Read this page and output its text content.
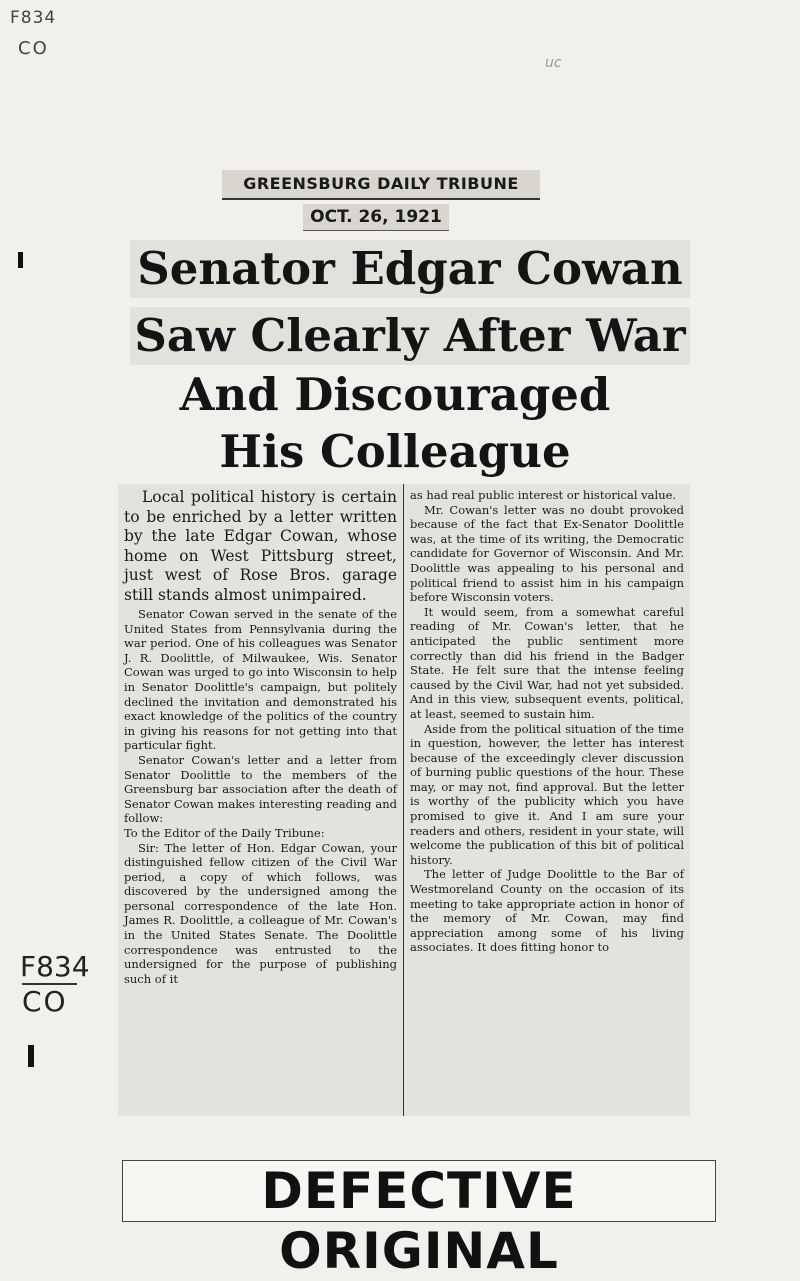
F834
CO
uc
F834
CO
GREENSBURG DAILY TRIBUNE
OCT. 26, 1921
Senator Edgar Cowan
Saw Clearly After War
And Discouraged
His Colleague

Local political history is certain to be enriched by a letter written by the late Edgar Cowan, whose home on West Pittsburg street, just west of Rose Bros. garage still stands almost unimpaired.

Senator Cowan served in the senate of the United States from Pennsylvania during the war period. One of his colleagues was Senator J. R. Doolittle, of Milwaukee, Wis. Senator Cowan was urged to go into Wisconsin to help in Senator Doolittle's campaign, but politely declined the invitation and demonstrated his exact knowledge of the politics of the country in giving his reasons for not getting into that particular fight.

Senator Cowan's letter and a letter from Senator Doolittle to the members of the Greensburg bar association after the death of Senator Cowan makes interesting reading and follow:

To the Editor of the Daily Tribune:

Sir: The letter of Hon. Edgar Cowan, your distinguished fellow citizen of the Civil War period, a copy of which follows, was discovered by the undersigned among the personal correspondence of the late Hon. James R. Doolittle, a colleague of Mr. Cowan's in the United States Senate. The Doolittle correspondence was entrusted to the undersigned for the purpose of publishing such of it

as had real public interest or historical value.

Mr. Cowan's letter was no doubt provoked because of the fact that Ex-Senator Doolittle was, at the time of its writing, the Democratic candidate for Governor of Wisconsin. And Mr. Doolittle was appealing to his personal and political friend to assist him in his campaign before Wisconsin voters.

It would seem, from a somewhat careful reading of Mr. Cowan's letter, that he anticipated the public sentiment more correctly than did his friend in the Badger State. He felt sure that the intense feeling caused by the Civil War, had not yet subsided. And in this view, subsequent events, political, at least, seemed to sustain him.

Aside from the political situation of the time in question, however, the letter has interest because of the exceedingly clever discussion of burning public questions of the hour. These may, or may not, find approval. But the letter is worthy of the publicity which you have promised to give it. And I am sure your readers and others, resident in your state, will welcome the publication of this bit of political history.

The letter of Judge Doolittle to the Bar of Westmoreland County on the occasion of its meeting to take appropriate action in honor of the memory of Mr. Cowan, may find appreciation among some of his living associates. It does fitting honor to

DEFECTIVE ORIGINAL
